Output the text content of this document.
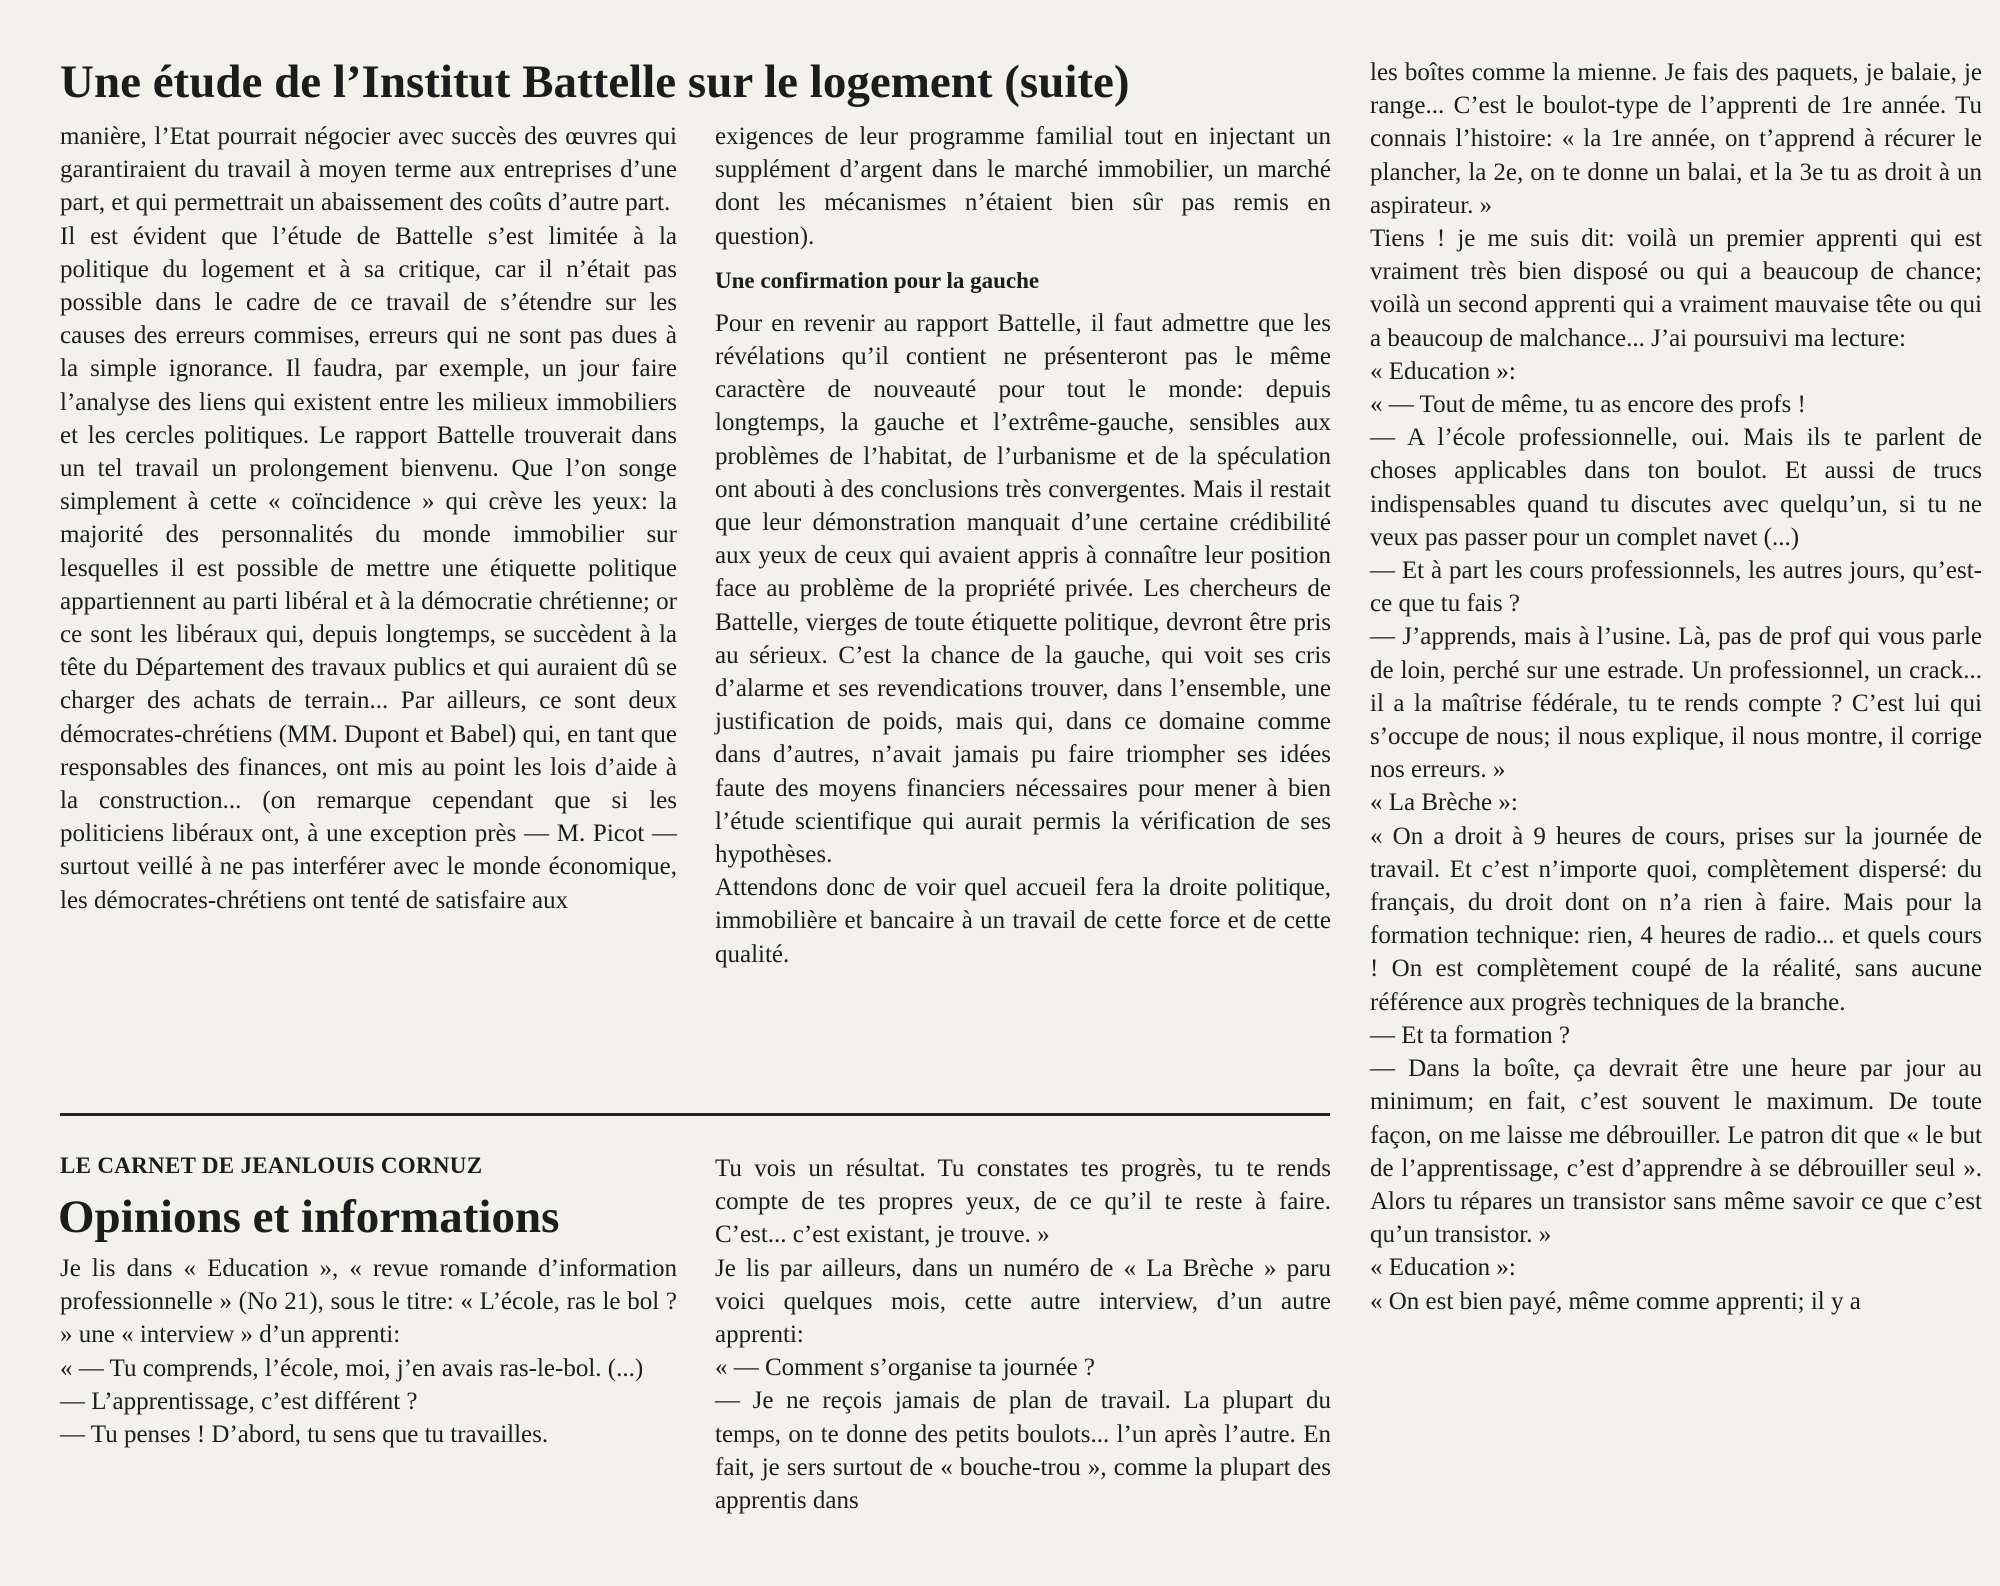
Une étude de l’Institut Battelle sur le logement (suite)

manière, l’Etat pourrait négocier avec succès des œuvres qui garantiraient du travail à moyen terme aux entreprises d’une part, et qui permettrait un abaissement des coûts d’autre part.

Il est évident que l’étude de Battelle s’est limitée à la politique du logement et à sa critique, car il n’était pas possible dans le cadre de ce travail de s’étendre sur les causes des erreurs commises, erreurs qui ne sont pas dues à la simple ignorance. Il faudra, par exemple, un jour faire l’analyse des liens qui existent entre les milieux immobiliers et les cercles politiques. Le rapport Battelle trouverait dans un tel travail un prolongement bienvenu. Que l’on songe simplement à cette « coïncidence » qui crève les yeux: la majorité des personnalités du monde immobilier sur lesquelles il est possible de mettre une étiquette politique appartiennent au parti libéral et à la démocratie chrétienne; or ce sont les libéraux qui, depuis longtemps, se succèdent à la tête du Département des travaux publics et qui auraient dû se charger des achats de terrain... Par ailleurs, ce sont deux démocrates-chrétiens (MM. Dupont et Babel) qui, en tant que responsables des finances, ont mis au point les lois d’aide à la construction... (on remarque cependant que si les politiciens libéraux ont, à une exception près — M. Picot — surtout veillé à ne pas interférer avec le monde économique, les démocrates-chrétiens ont tenté de satisfaire aux

exigences de leur programme familial tout en injectant un supplément d’argent dans le marché immobilier, un marché dont les mécanismes n’étaient bien sûr pas remis en question).

Une confirmation pour la gauche

Pour en revenir au rapport Battelle, il faut admettre que les révélations qu’il contient ne présenteront pas le même caractère de nouveauté pour tout le monde: depuis longtemps, la gauche et l’extrême-gauche, sensibles aux problèmes de l’habitat, de l’urbanisme et de la spéculation ont abouti à des conclusions très convergentes. Mais il restait que leur démonstration manquait d’une certaine crédibilité aux yeux de ceux qui avaient appris à connaître leur position face au problème de la propriété privée. Les chercheurs de Battelle, vierges de toute étiquette politique, devront être pris au sérieux. C’est la chance de la gauche, qui voit ses cris d’alarme et ses revendications trouver, dans l’ensemble, une justification de poids, mais qui, dans ce domaine comme dans d’autres, n’avait jamais pu faire triompher ses idées faute des moyens financiers nécessaires pour mener à bien l’étude scientifique qui aurait permis la vérification de ses hypothèses.

Attendons donc de voir quel accueil fera la droite politique, immobilière et bancaire à un travail de cette force et de cette qualité.

LE CARNET DE JEANLOUIS CORNUZ
Opinions et informations

Je lis dans « Education », « revue romande d’information professionnelle » (No 21), sous le titre: « L’école, ras le bol ? » une « interview » d’un apprenti:

« — Tu comprends, l’école, moi, j’en avais ras-le-bol. (...)

— L’apprentissage, c’est différent ?

— Tu penses ! D’abord, tu sens que tu travailles.

Tu vois un résultat. Tu constates tes progrès, tu te rends compte de tes propres yeux, de ce qu’il te reste à faire. C’est... c’est existant, je trouve. »

Je lis par ailleurs, dans un numéro de « La Brèche » paru voici quelques mois, cette autre interview, d’un autre apprenti:

« — Comment s’organise ta journée ?

— Je ne reçois jamais de plan de travail. La plupart du temps, on te donne des petits boulots... l’un après l’autre. En fait, je sers surtout de « bouche-trou », comme la plupart des apprentis dans

les boîtes comme la mienne. Je fais des paquets, je balaie, je range... C’est le boulot-type de l’apprenti de 1re année. Tu connais l’histoire: « la 1re année, on t’apprend à récurer le plancher, la 2e, on te donne un balai, et la 3e tu as droit à un aspirateur. »

Tiens ! je me suis dit: voilà un premier apprenti qui est vraiment très bien disposé ou qui a beaucoup de chance; voilà un second apprenti qui a vraiment mauvaise tête ou qui a beaucoup de malchance... J’ai poursuivi ma lecture:

« Education »:

« — Tout de même, tu as encore des profs !

— A l’école professionnelle, oui. Mais ils te parlent de choses applicables dans ton boulot. Et aussi de trucs indispensables quand tu discutes avec quelqu’un, si tu ne veux pas passer pour un complet navet (...)

— Et à part les cours professionnels, les autres jours, qu’est-ce que tu fais ?

— J’apprends, mais à l’usine. Là, pas de prof qui vous parle de loin, perché sur une estrade. Un professionnel, un crack... il a la maîtrise fédérale, tu te rends compte ? C’est lui qui s’occupe de nous; il nous explique, il nous montre, il corrige nos erreurs. »

« La Brèche »:

« On a droit à 9 heures de cours, prises sur la journée de travail. Et c’est n’importe quoi, complètement dispersé: du français, du droit dont on n’a rien à faire. Mais pour la formation technique: rien, 4 heures de radio... et quels cours ! On est complètement coupé de la réalité, sans aucune référence aux progrès techniques de la branche.

— Et ta formation ?

— Dans la boîte, ça devrait être une heure par jour au minimum; en fait, c’est souvent le maximum. De toute façon, on me laisse me débrouiller. Le patron dit que « le but de l’apprentissage, c’est d’apprendre à se débrouiller seul ». Alors tu répares un transistor sans même savoir ce que c’est qu’un transistor. »

« Education »:

« On est bien payé, même comme apprenti; il y a
